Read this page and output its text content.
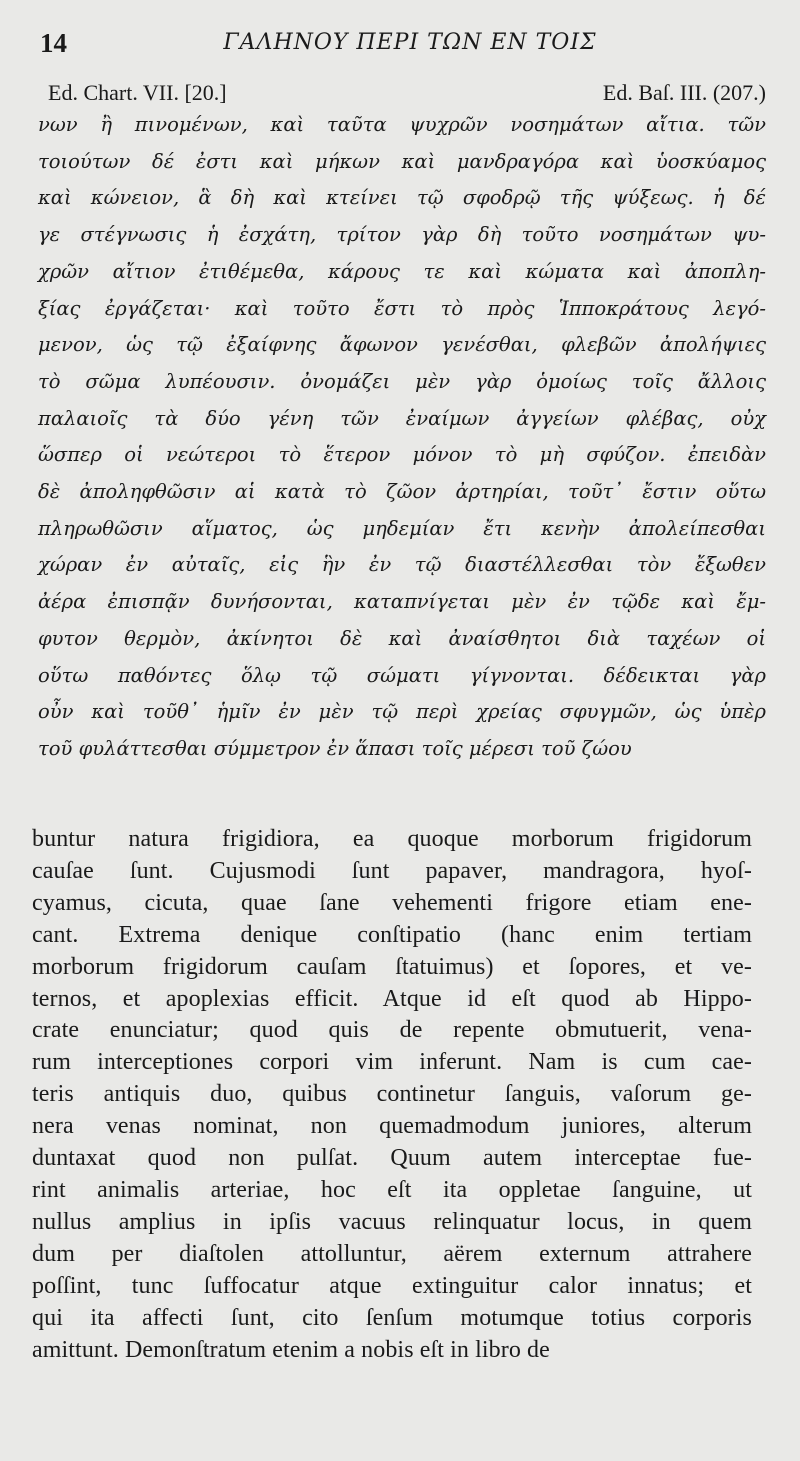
14	ΓΑΛΗΝΟΥ ΠΕΡΙ ΤΩΝ ΕΝ ΤΟΙΣ
Ed. Chart. VII. [20.]	Ed. Baſ. III. (207.)
νων ἢ πινομένων, καὶ ταῦτα ψυχρῶν νοσημάτων αἴτια. τῶν
τοιούτων δέ ἐστι καὶ μήκων καὶ μανδραγόρα καὶ ὑοσκύαμος
καὶ κώνειον, ἃ δὴ καὶ κτείνει τῷ σφοδρῷ τῆς ψύξεως. ἡ δέ
γε στέγνωσις ἡ ἐσχάτη, τρίτον γὰρ δὴ τοῦτο νοσημάτων ψυ-
χρῶν αἴτιον ἐτιθέμεθα, κάρους τε καὶ κώματα καὶ ἀποπλη-
ξίας ἐργάζεται· καὶ τοῦτο ἔστι τὸ πρὸς Ἱπποκράτους λεγό-
μενον, ὡς τῷ ἐξαίφνης ἄφωνον γενέσθαι, φλεβῶν ἀπολήψιες
τὸ σῶμα λυπέουσιν. ὀνομάζει μὲν γὰρ ὁμοίως τοῖς ἄλλοις
παλαιοῖς τὰ δύο γένη τῶν ἐναίμων ἀγγείων φλέβας, οὐχ
ὥσπερ οἱ νεώτεροι τὸ ἕτερον μόνον τὸ μὴ σφύζον. ἐπειδὰν
δὲ ἀποληφθῶσιν αἱ κατὰ τὸ ζῶον ἀρτηρίαι, τοῦτ᾽ ἔστιν οὕτω
πληρωθῶσιν αἵματος, ὡς μηδεμίαν ἔτι κενὴν ἀπολείπεσθαι
χώραν ἐν αὐταῖς, εἰς ἣν ἐν τῷ διαστέλλεσθαι τὸν ἔξωθεν
ἀέρα ἐπισπᾷν δυνήσονται, καταπνίγεται μὲν ἐν τῷδε καὶ ἔμ-
φυτον θερμὸν, ἀκίνητοι δὲ καὶ ἀναίσθητοι διὰ ταχέων οἱ
οὕτω παθόντες ὅλῳ τῷ σώματι γίγνονται. δέδεικται γὰρ
οὖν καὶ τοῦθ᾽ ἡμῖν ἐν μὲν τῷ περὶ χρείας σφυγμῶν, ὡς ὑπὲρ
τοῦ φυλάττεσθαι σύμμετρον ἐν ἅπασι τοῖς μέρεσι τοῦ ζώου
buntur natura frigidiora, ea quoque morborum frigidorum
cauſae ſunt. Cujusmodi ſunt papaver, mandragora, hyoſ-
cyamus, cicuta, quae ſane vehementi frigore etiam ene-
cant. Extrema denique conſtipatio (hanc enim tertiam
morborum frigidorum cauſam ſtatuimus) et ſopores, et ve-
ternos, et apoplexias efficit. Atque id eſt quod ab Hippo-
crate enunciatur; quod quis de repente obmutuerit, vena-
rum interceptiones corpori vim inferunt. Nam is cum cae-
teris antiquis duo, quibus continetur ſanguis, vaſorum ge-
nera venas nominat, non quemadmodum juniores, alterum
duntaxat quod non pulſat. Quum autem interceptae fue-
rint animalis arteriae, hoc eſt ita oppletae ſanguine, ut
nullus amplius in ipſis vacuus relinquatur locus, in quem
dum per diaſtolen attolluntur, aërem externum attrahere
poſſint, tunc ſuffocatur atque extinguitur calor innatus; et
qui ita affecti ſunt, cito ſenſum motumque totius corporis
amittunt. Demonſtratum etenim a nobis eſt in libro de
